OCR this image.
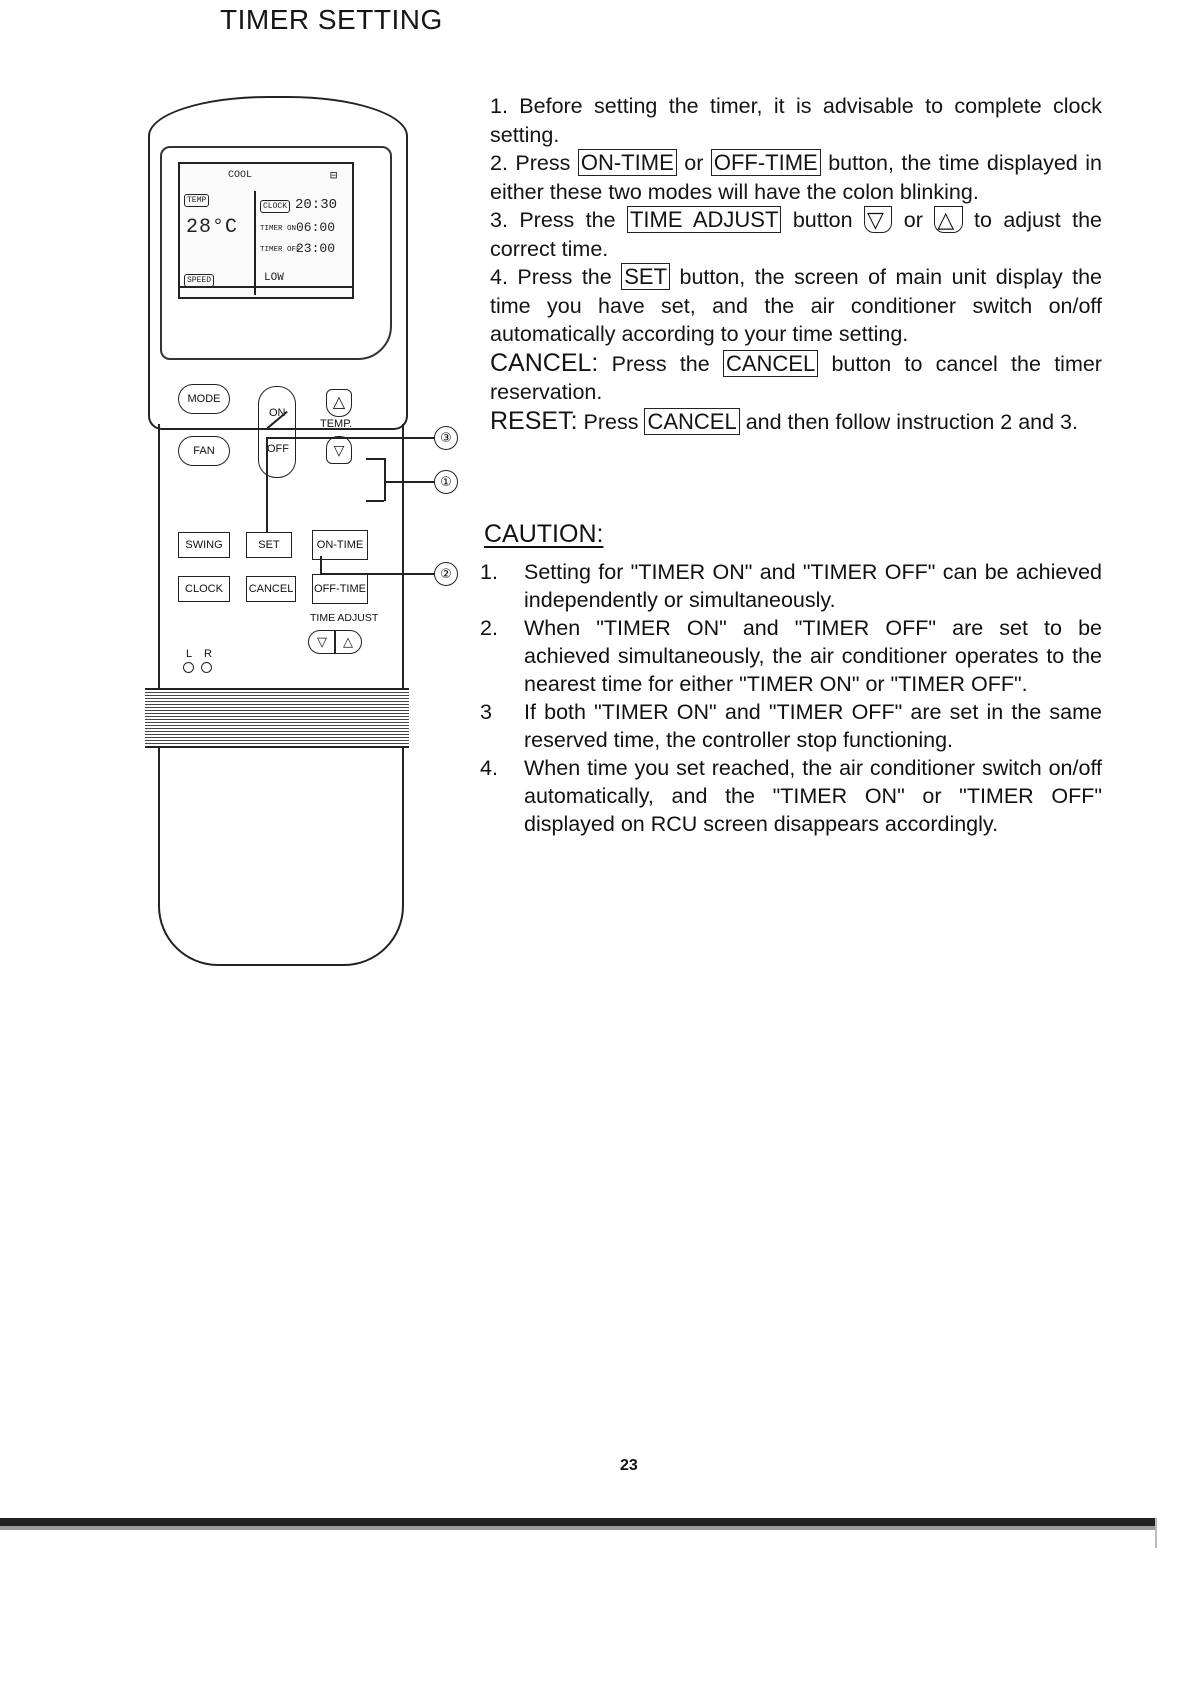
TIMER SETTING
COOL	⊟
TEMP
28°C
CLOCK 20:30
TIMER ON 06:00
TIMER OFF
23:00
SPEED	LOW
MODE
FAN
ON
OFF
△
TEMP.
▽
SWING	SET	ON-TIME
CLOCK	CANCEL OFF-TIME
TIME ADJUST
▽	△
L R
③
①
②

1. Before setting the timer, it is advisable to complete clock setting.

2. Press ON-TIME or OFF-TIME button, the time displayed in either these two modes will have the colon blinking.

3. Press the TIME ADJUST button ▽ or △ to adjust the correct time.

4. Press the SET button, the screen of main unit display the time you have set, and the air conditioner switch on/off automatically according to your time setting.

CANCEL: Press the CANCEL button to cancel the timer reservation.

RESET: Press CANCEL and then follow instruction 2 and 3.

CAUTION:
1. Setting for "TIMER ON" and "TIMER OFF" can be achieved independently or simultaneously.
2. When "TIMER ON" and "TIMER OFF" are set to be achieved simultaneously, the air conditioner operates to the nearest time for either "TIMER ON" or "TIMER OFF".
3 If both "TIMER ON" and "TIMER OFF" are set in the same reserved time, the controller stop functioning.
4. When time you set reached, the air conditioner switch on/off automatically, and the "TIMER ON" or "TIMER OFF" displayed on RCU screen disappears accordingly.
23
